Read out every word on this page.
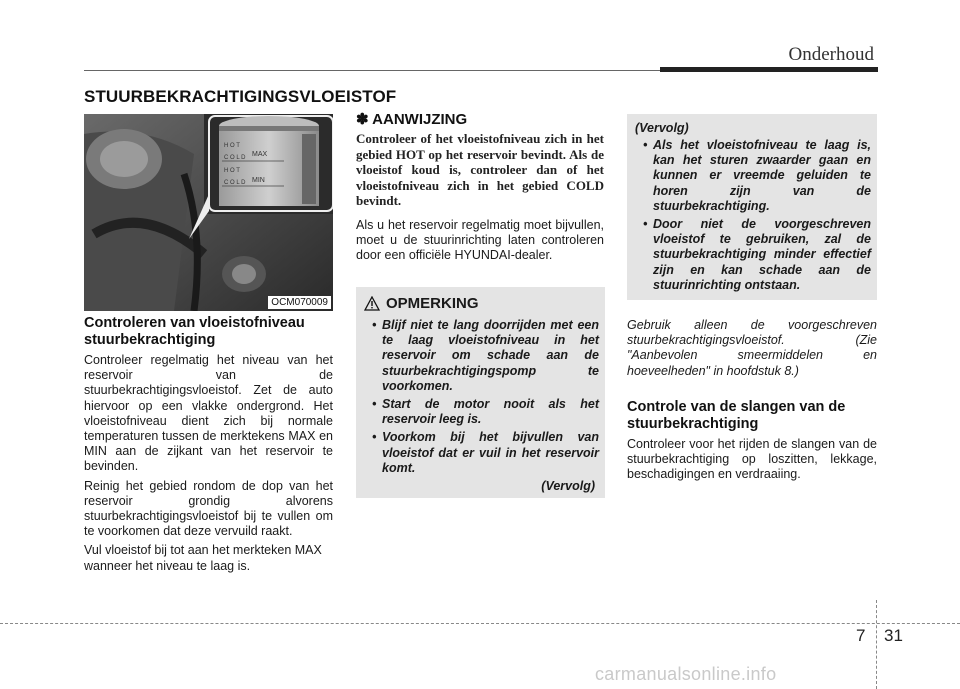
Onderhoud
STUURBEKRACHTIGINGSVLOEISTOF
H O T
MAX
C O L D
H O T
MIN
C O L D
OCM070009
Controleren van vloeistofniveau stuurbekrachtiging

Controleer regelmatig het niveau van het reservoir van de stuurbekrachtigingsvloeistof. Zet de auto hiervoor op een vlakke ondergrond. Het vloeistofniveau dient zich bij normale temperaturen tussen de merktekens MAX en MIN aan de zijkant van het reservoir te bevinden.

Reinig het gebied rondom de dop van het reservoir grondig alvorens stuurbekrachtigingsvloeistof bij te vullen om te voorkomen dat deze vervuild raakt.

Vul vloeistof bij tot aan het merkteken MAX wanneer het niveau te laag is.

✽ AANWIJZING
Controleer of het vloeistofniveau zich in het gebied HOT op het reservoir bevindt. Als de vloeistof koud is, controleer dan of het vloeistofniveau zich in het gebied COLD bevindt.

Als u het reservoir regelmatig moet bijvullen, moet u de stuurinrichting laten controleren door een officiële HYUNDAI-dealer.

OPMERKING
• Blijf niet te lang doorrijden met een te laag vloeistofniveau in het reservoir om schade aan de stuurbekrachtigingspomp te voorkomen.
• Start de motor nooit als het reservoir leeg is.
• Voorkom bij het bijvullen van vloeistof dat er vuil in het reservoir komt.
(Vervolg)
(Vervolg)
• Als het vloeistofniveau te laag is, kan het sturen zwaarder gaan en kunnen er vreemde geluiden te horen zijn van de stuurbekrachtiging.
• Door niet de voorgeschreven vloeistof te gebruiken, zal de stuurbekrachtiging minder effectief zijn en kan schade aan de stuurinrichting ontstaan.

Gebruik alleen de voorgeschreven stuurbekrachtigingsvloeistof. (Zie "Aanbevolen smeermiddelen en hoeveelheden" in hoofdstuk 8.)

Controle van de slangen van de stuurbekrachtiging

Controleer voor het rijden de slangen van de stuurbekrachtiging op loszitten, lekkage, beschadigingen en verdraaiing.

7 31
carmanualsonline.info
